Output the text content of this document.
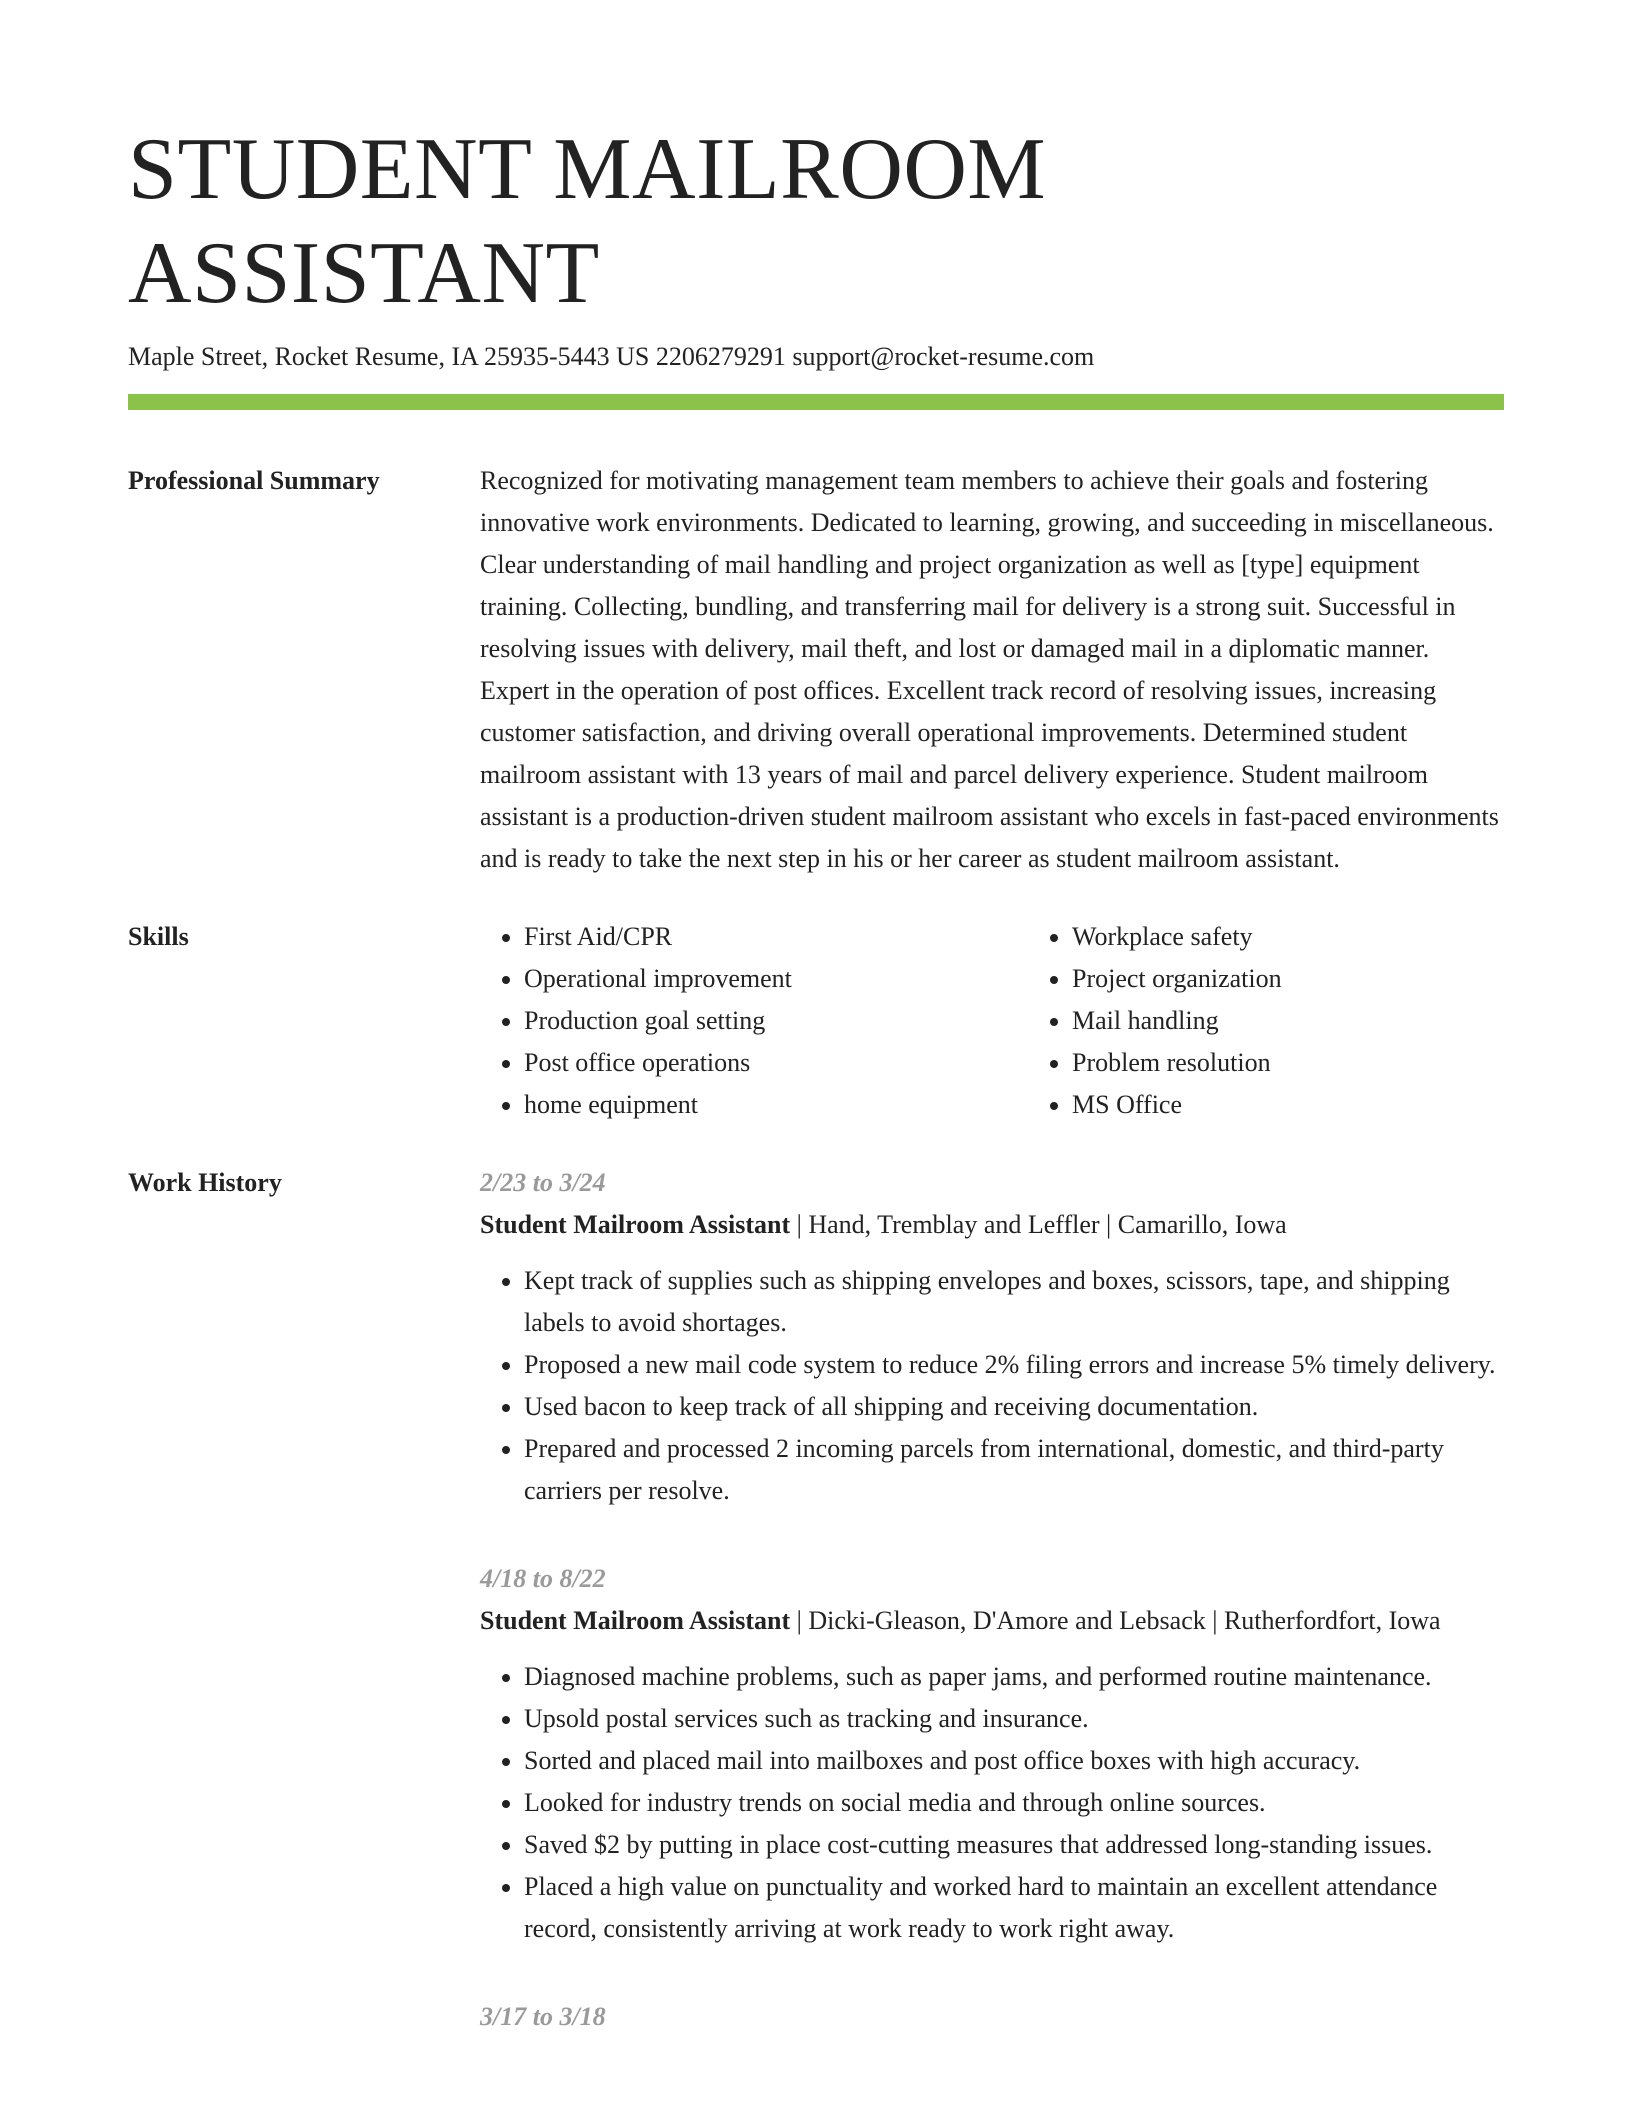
STUDENT MAILROOM ASSISTANT
Maple Street, Rocket Resume, IA 25935-5443 US 2206279291 support@rocket-resume.com
Professional Summary	Recognized for motivating management team members to achieve their goals and fostering innovative work environments. Dedicated to learning, growing, and succeeding in miscellaneous. Clear understanding of mail handling and project organization as well as [type] equipment training. Collecting, bundling, and transferring mail for delivery is a strong suit. Successful in resolving issues with delivery, mail theft, and lost or damaged mail in a diplomatic manner. Expert in the operation of post offices. Excellent track record of resolving issues, increasing customer satisfaction, and driving overall operational improvements. Determined student mailroom assistant with 13 years of mail and parcel delivery experience. Student mailroom assistant is a production-driven student mailroom assistant who excels in fast-paced environments and is ready to take the next step in his or her career as student mailroom assistant.

Skills
•	First Aid/CPR
• Operational improvement
• Production goal setting
• Post office operations
• home equipment
• Workplace safety
• Project organization
• Mail handling
• Problem resolution
• MS Office
Work History	2/23 to 3/24
Student Mailroom Assistant | Hand, Tremblay and Leffler | Camarillo, Iowa
• Kept track of supplies such as shipping envelopes and boxes, scissors, tape, and shipping labels to avoid shortages.
• Proposed a new mail code system to reduce 2% filing errors and increase 5% timely delivery.
• Used bacon to keep track of all shipping and receiving documentation.
• Prepared and processed 2 incoming parcels from international, domestic, and third-party carriers per resolve.
4/18 to 8/22
Student Mailroom Assistant | Dicki-Gleason, D'Amore and Lebsack | Rutherfordfort, Iowa
• Diagnosed machine problems, such as paper jams, and performed routine maintenance.
• Upsold postal services such as tracking and insurance.
• Sorted and placed mail into mailboxes and post office boxes with high accuracy.
• Looked for industry trends on social media and through online sources.
• Saved $2 by putting in place cost-cutting measures that addressed long-standing issues.
• Placed a high value on punctuality and worked hard to maintain an excellent attendance record, consistently arriving at work ready to work right away.
3/17 to 3/18
